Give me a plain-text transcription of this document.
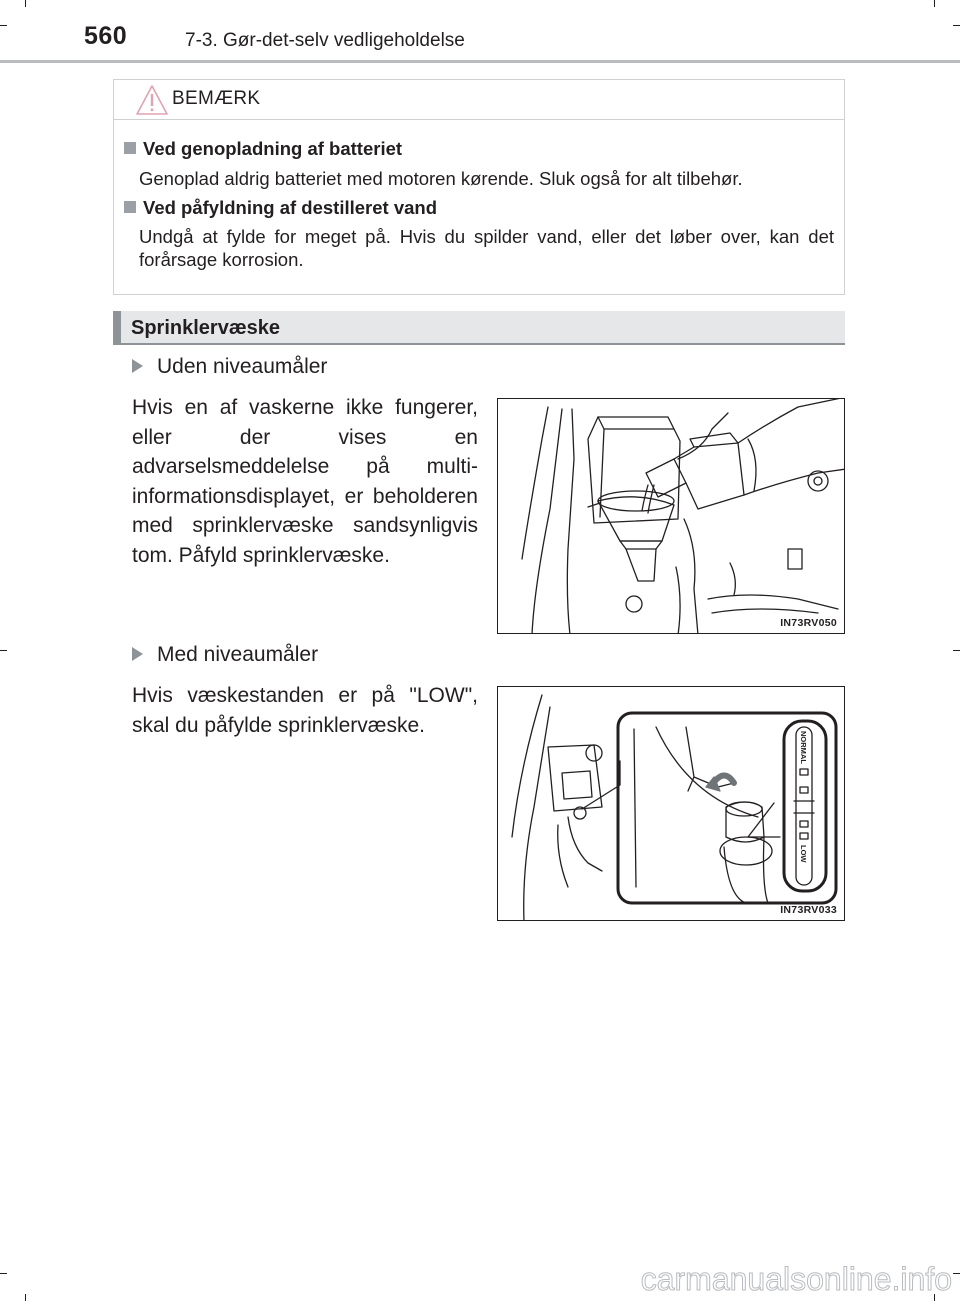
560	7-3. Gør-det-selv vedligeholdelse
BEMÆRK
Ved genopladning af batteriet
Genoplad aldrig batteriet med motoren kørende. Sluk også for alt tilbehør.
Ved påfyldning af destilleret vand
Undgå at fylde for meget på. Hvis du spilder vand, eller det løber over, kan det forårsage korrosion.
Sprinklervæske
Uden niveaumåler
Hvis en af vaskerne ikke fungerer, eller der vises en advarselsmeddelelse på multi-informationsdisplayet, er beholderen med sprinklervæske sandsynligvis tom. Påfyld sprinklervæske.
IN73RV050
Med niveaumåler
Hvis væskestanden er på "LOW", skal du påfylde sprinklervæske.
NORMAL
LOW
IN73RV033
carmanualsonline.info
